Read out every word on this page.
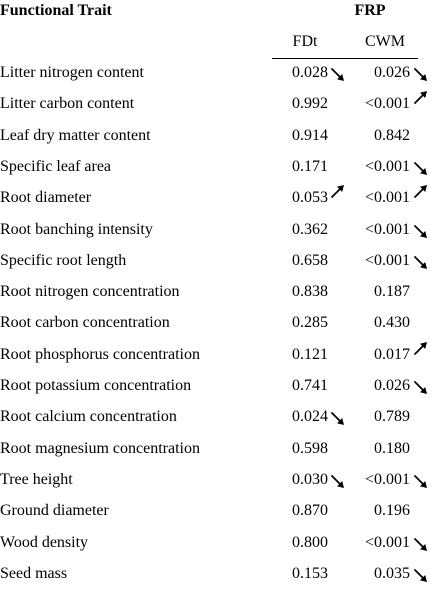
Functional Trait	FRP
FDt	CWM
Litter nitrogen content	0.028	0.026
Litter carbon content	0.992	<0.001
Leaf dry matter content	0.914	0.842
Specific leaf area	0.171	<0.001
Root diameter	0.053	<0.001
Root banching intensity	0.362	<0.001
Specific root length	0.658	<0.001
Root nitrogen concentration	0.838	0.187
Root carbon concentration	0.285	0.430
Root phosphorus concentration	0.121	0.017
Root potassium concentration	0.741	0.026
Root calcium concentration	0.024	0.789
Root magnesium concentration	0.598	0.180
Tree height	0.030	<0.001
Ground diameter	0.870	0.196
Wood density	0.800	<0.001
Seed mass	0.153	0.035
